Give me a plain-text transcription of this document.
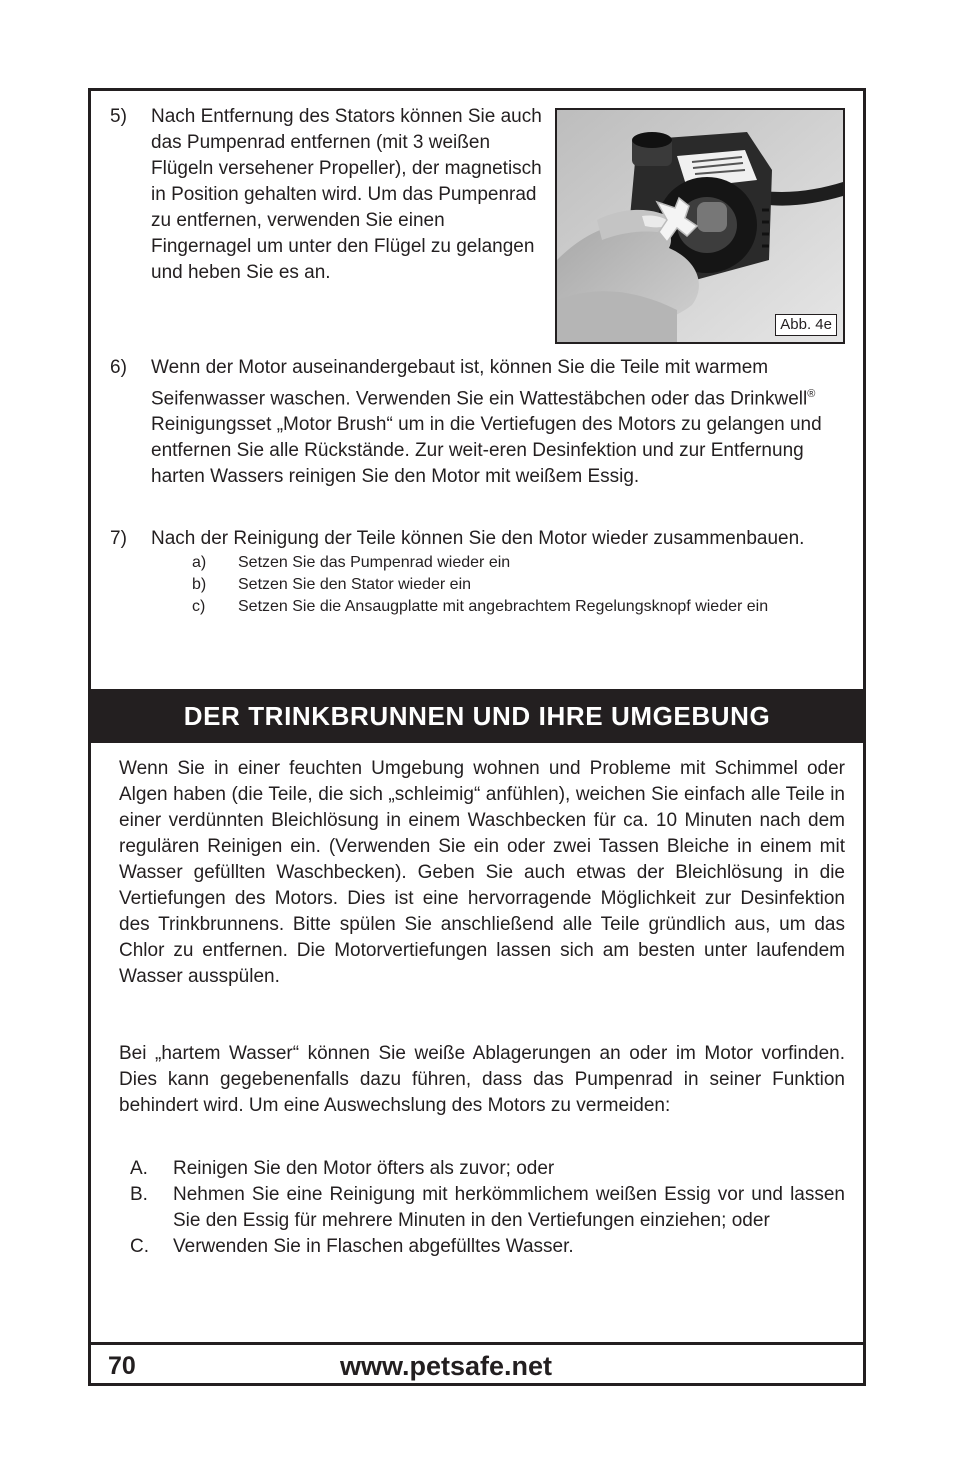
5)	Nach Entfernung des Stators können Sie auch das Pumpenrad entfernen (mit 3 weißen Flügeln versehener Propeller), der magnetisch in Position gehalten wird. Um das Pumpenrad zu entfernen, verwenden Sie einen Fingernagel um unter den Flügel zu gelangen und heben Sie es an.
Abb. 4e
6)	Wenn der Motor auseinandergebaut ist, können Sie die Teile mit warmem Seifenwasser waschen. Verwenden Sie ein Wattestäbchen oder das Drinkwell® Reinigungsset „Motor Brush“ um in die Vertiefugen des Motors zu gelangen und entfernen Sie alle Rückstände. Zur weit-eren Desinfektion und zur Entfernung harten Wassers reinigen Sie den Motor mit weißem Essig.
7)	Nach der Reinigung der Teile können Sie den Motor wieder zusammenbauen.
a)	Setzen Sie das Pumpenrad wieder ein
b)	Setzen Sie den Stator wieder ein
c)	Setzen Sie die Ansaugplatte mit angebrachtem Regelungsknopf wieder ein
DER TRINKBRUNNEN UND IHRE UMGEBUNG

Wenn Sie in einer feuchten Umgebung wohnen und Probleme mit Schimmel oder Algen haben (die Teile, die sich „schleimig“ anfühlen), weichen Sie einfach alle Teile in einer verdünnten Bleichlösung in einem Waschbecken für ca. 10 Minuten nach dem regulären Reinigen ein. (Verwenden Sie ein oder zwei Tassen Bleiche in einem mit Wasser gefüllten Waschbecken). Geben Sie auch etwas der Bleichlösung in die Vertiefungen des Motors. Dies ist eine hervorragende Möglichkeit zur Desinfektion des Trinkbrunnens. Bitte spülen Sie anschließend alle Teile gründlich aus, um das Chlor zu entfernen. Die Motorvertiefungen lassen sich am besten unter laufendem Wasser ausspülen.

Bei „hartem Wasser“ können Sie weiße Ablagerungen an oder im Motor vorfinden. Dies kann gegebenenfalls dazu führen, dass das Pumpenrad in seiner Funktion behindert wird. Um eine Auswechslung des Motors zu vermeiden:

A.	Reinigen Sie den Motor öfters als zuvor; oder
B.	Nehmen Sie eine Reinigung mit herkömmlichem weißen Essig vor und lassen Sie den Essig für mehrere Minuten in den Vertiefungen einziehen; oder
C.	Verwenden Sie in Flaschen abgefülltes Wasser.
70	www.petsafe.net
